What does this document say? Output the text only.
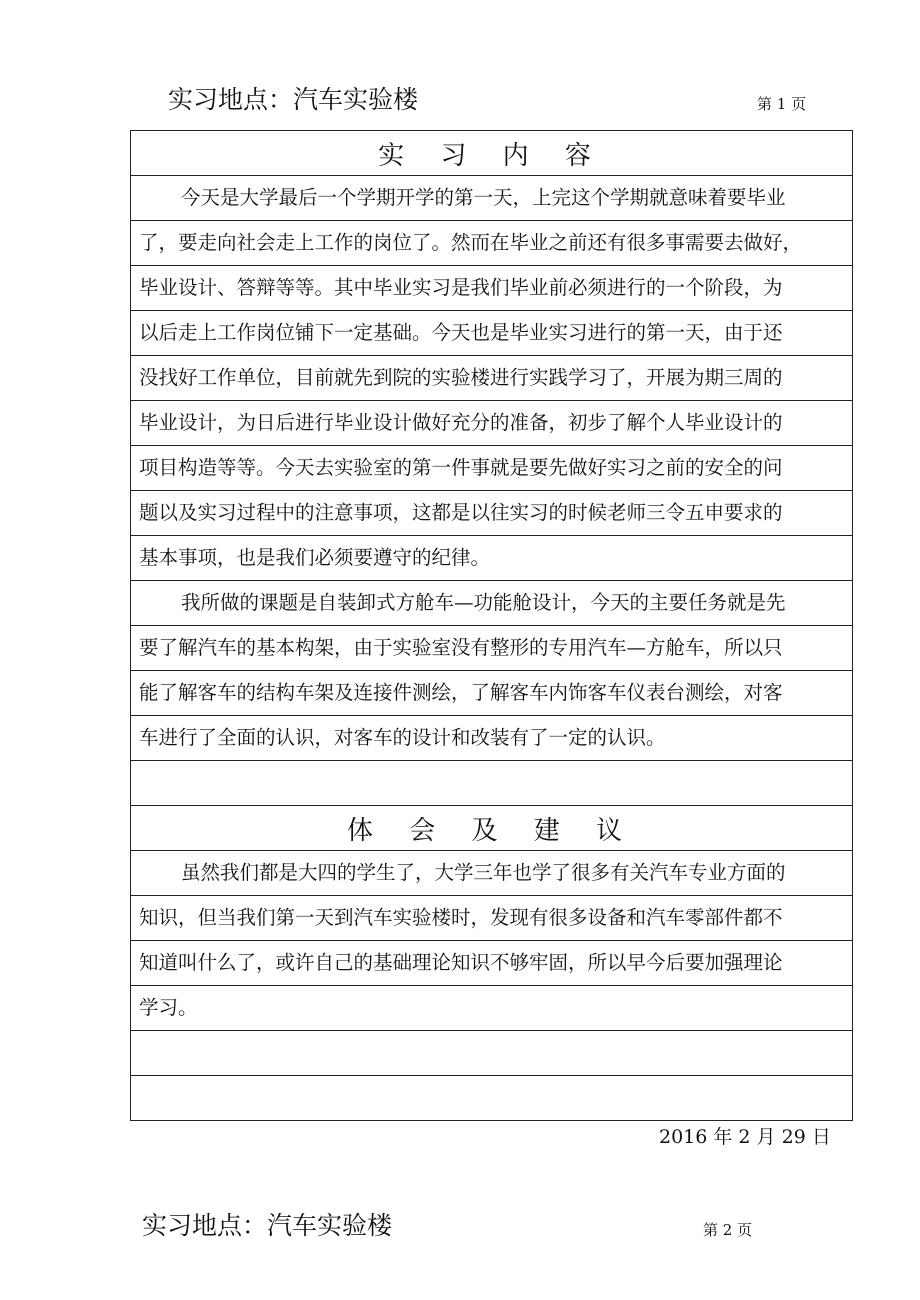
实习地点：汽车实验楼	第 1 页
实 习 内 容
今天是大学最后一个学期开学的第一天，上完这个学期就意味着要毕业
了，要走向社会走上工作的岗位了。然而在毕业之前还有很多事需要去做好，
毕业设计、答辩等等。其中毕业实习是我们毕业前必须进行的一个阶段，为
以后走上工作岗位铺下一定基础。今天也是毕业实习进行的第一天，由于还
没找好工作单位，目前就先到院的实验楼进行实践学习了，开展为期三周的
毕业设计，为日后进行毕业设计做好充分的准备，初步了解个人毕业设计的
项目构造等等。今天去实验室的第一件事就是要先做好实习之前的安全的问
题以及实习过程中的注意事项，这都是以往实习的时候老师三令五申要求的
基本事项，也是我们必须要遵守的纪律。
我所做的课题是自装卸式方舱车—功能舱设计，今天的主要任务就是先
要了解汽车的基本构架，由于实验室没有整形的专用汽车—方舱车，所以只
能了解客车的结构车架及连接件测绘，了解客车内饰客车仪表台测绘，对客
车进行了全面的认识，对客车的设计和改装有了一定的认识。
体 会 及 建 议
虽然我们都是大四的学生了，大学三年也学了很多有关汽车专业方面的
知识，但当我们第一天到汽车实验楼时，发现有很多设备和汽车零部件都不
知道叫什么了，或许自己的基础理论知识不够牢固，所以早今后要加强理论
学习。
2016 年 2 月 29 日
实习地点：汽车实验楼	第 2 页
